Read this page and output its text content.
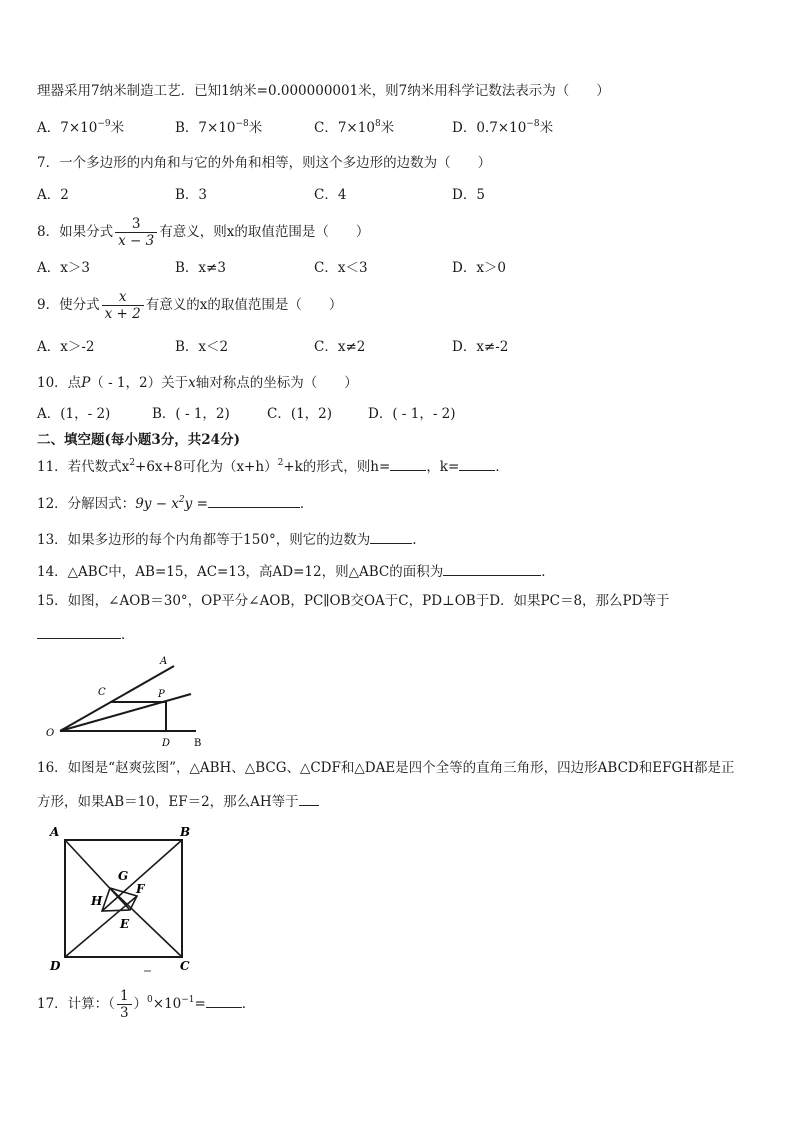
理器采用7纳米制造工艺．已知1纳米=0.000000001米，则7纳米用科学记数法表示为（　　）
A．$7\times 10^{-9}$米	B．$7\times 10^{-8}$米	C．$7\times 10^8$米	D．$0.7\times 10^{-8}$米
7．一个多边形的内角和与它的外角和相等，则这个多边形的边数为（　　）
A．2	B．3	C．4	D．5
8．如果分式 $\frac{3}{x - 3}$ 有意义，则x的取值范围是（　　）
A．x＞3	B．x≠3	C．x＜3	D．x＞0
9．使分式 $\frac{x}{x + 2}$ 有意义的x的取值范围是（　　）
A．x＞-2	B．x＜2	C．x≠2	D．x≠-2
10．点P（ - 1，2）关于x轴对称点的坐标为（　　）
A．(1，- 2)	B．( - 1，2)	C．(1，2)	D．( - 1，- 2)
二、填空题(每小题3分，共24分)
11．若代数式$x^2+6x+8$可化为$(x+h)^2+k$的形式，则h=	，k=	．
12．分解因式：$9y - x^2y$ =	．
13．如果多边形的每个内角都等于150°，则它的边数为	.
14．△ABC中，AB=15，AC=13，高AD=12，则△ABC的面积为	．
15．如图，∠AOB＝30°，OP平分∠AOB，PC∥OB交OA于C，PD⊥OB于D．如果PC＝8，那么PD等于
．
A
C	P
O
D B
16．如图是“赵爽弦图”，△ABH、△BCG、△CDF和△DAE是四个全等的直角三角形，四边形ABCD和EFGH都是正
方形，如果AB＝10，EF＝2，那么AH等于
A	B
D	C
G
F
H
E
17．计算：（ $\frac{1}{3} )^0\times 10^{-1}=$	．
